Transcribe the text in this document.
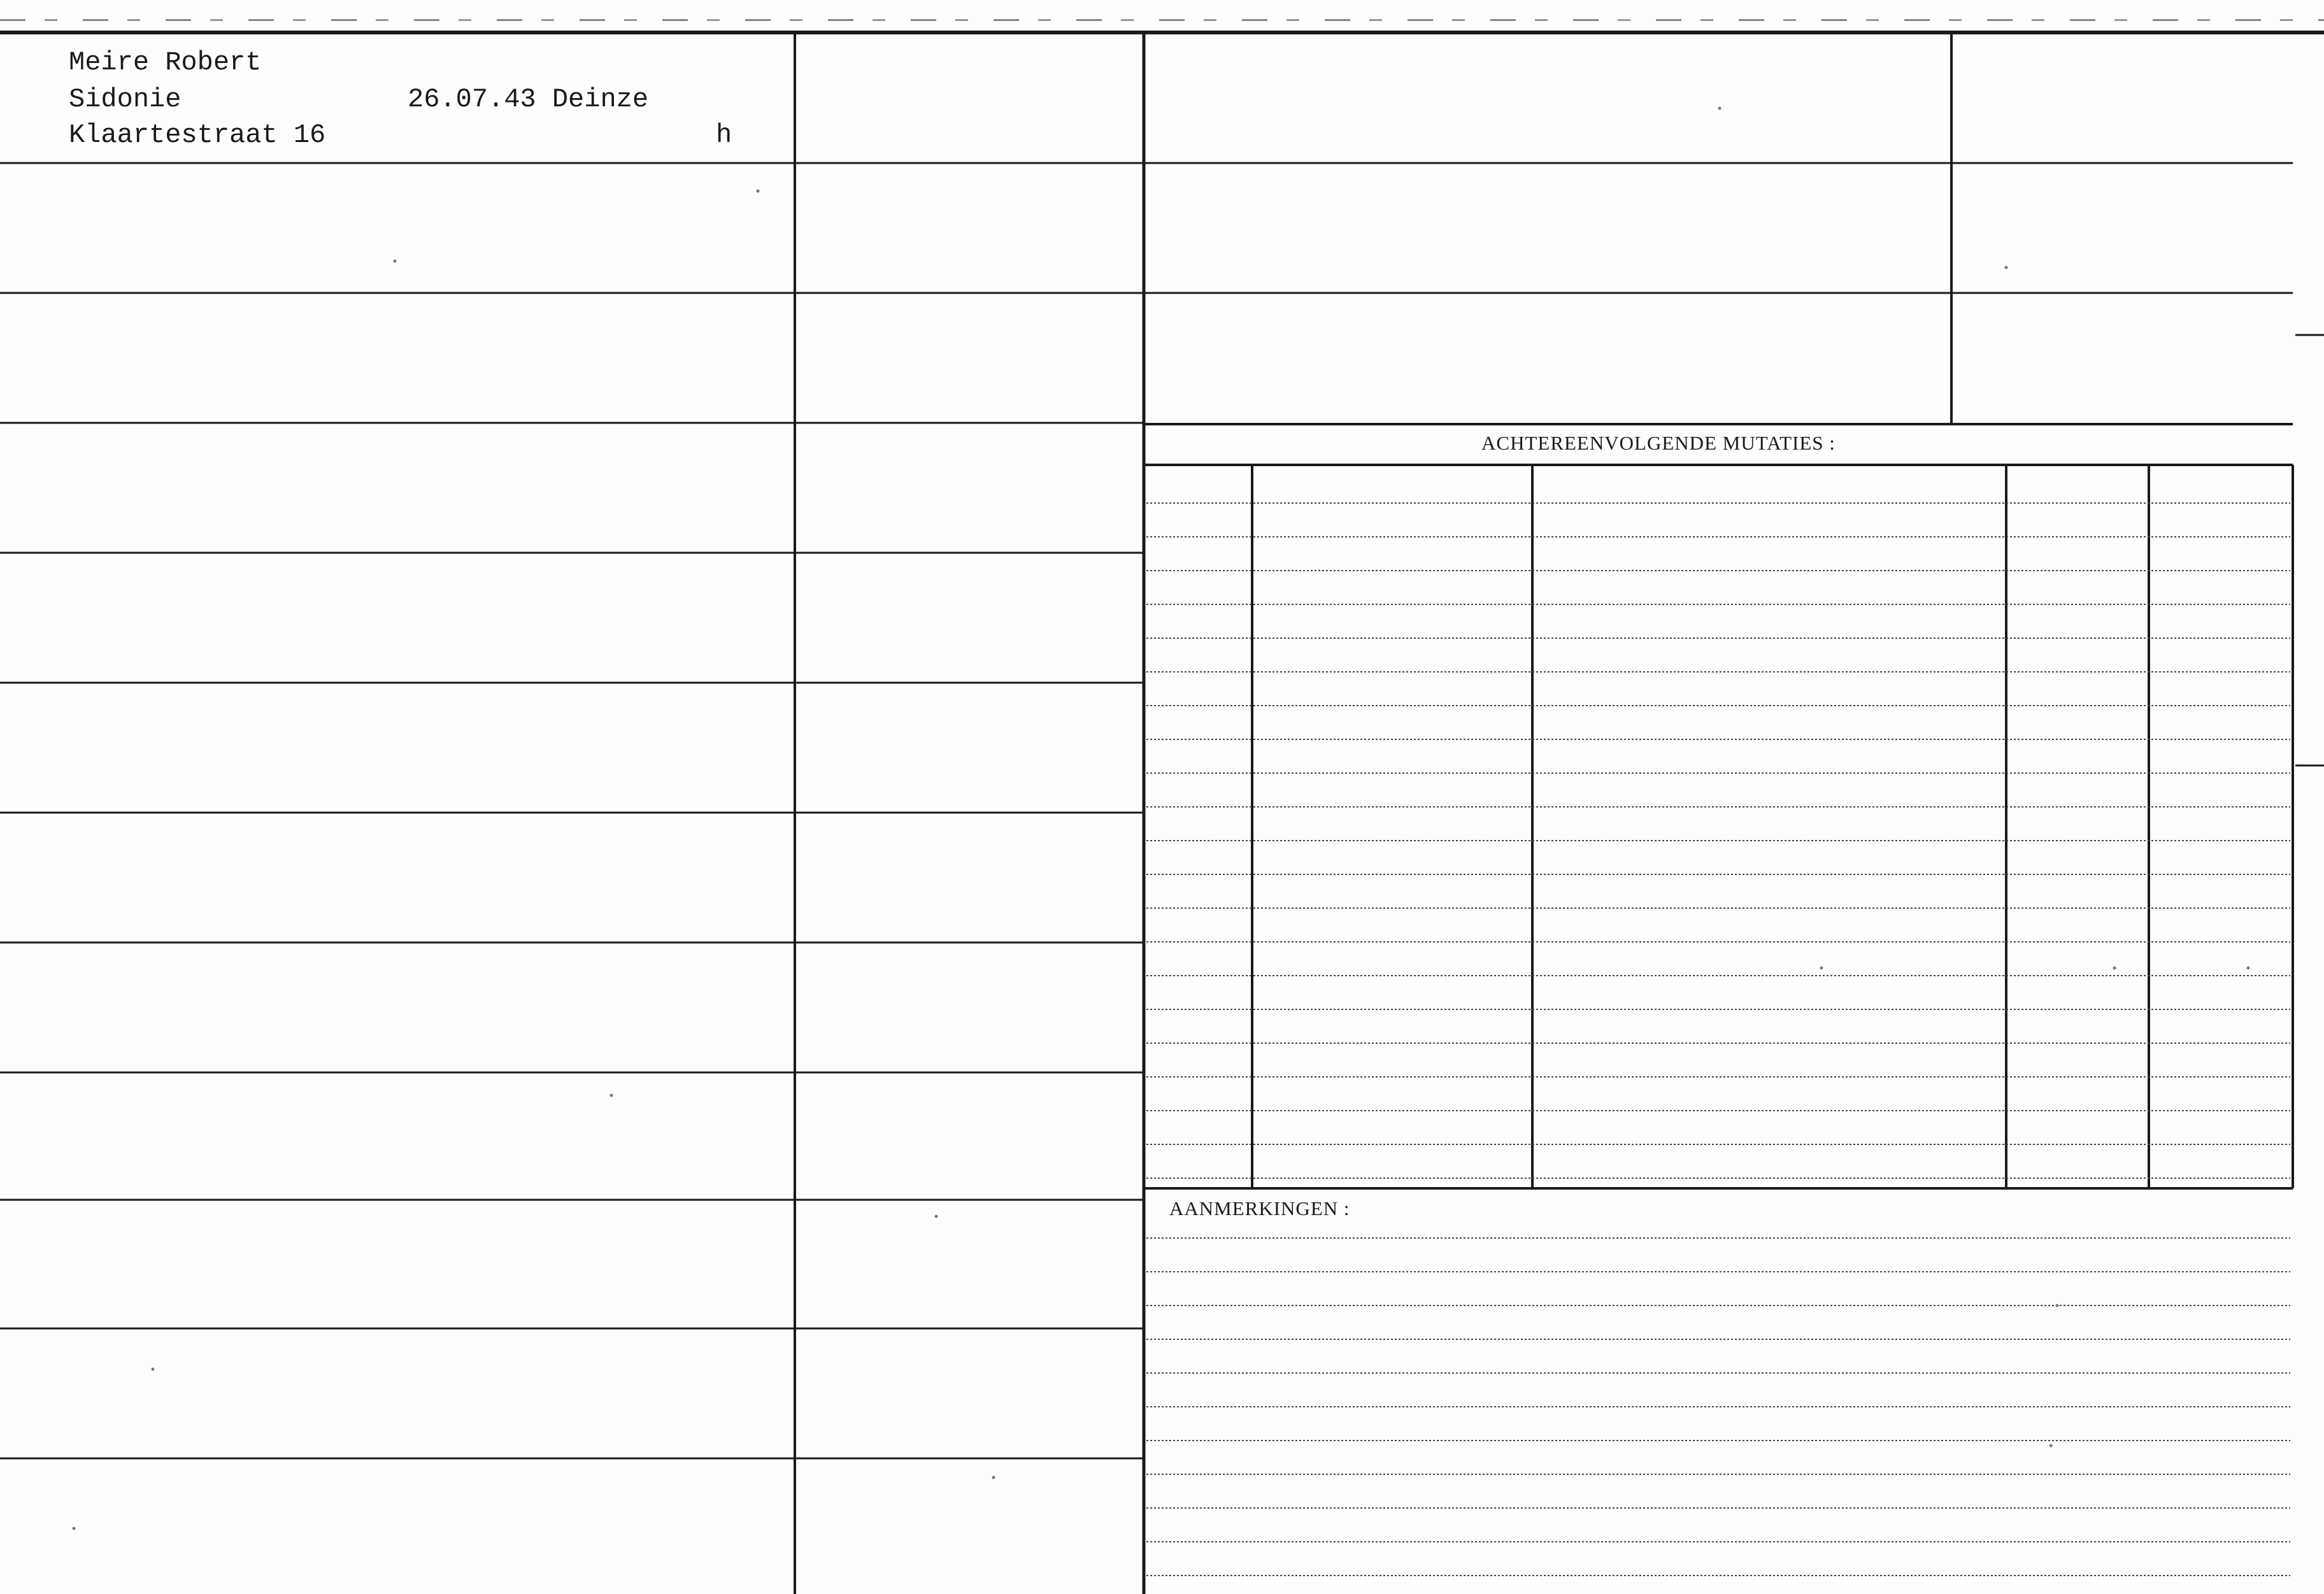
Meire Robert
Sidonie	26.07.43 Deinze
Klaartestraat 16	h
ACHTEREENVOLGENDE MUTATIES :
AANMERKINGEN :
